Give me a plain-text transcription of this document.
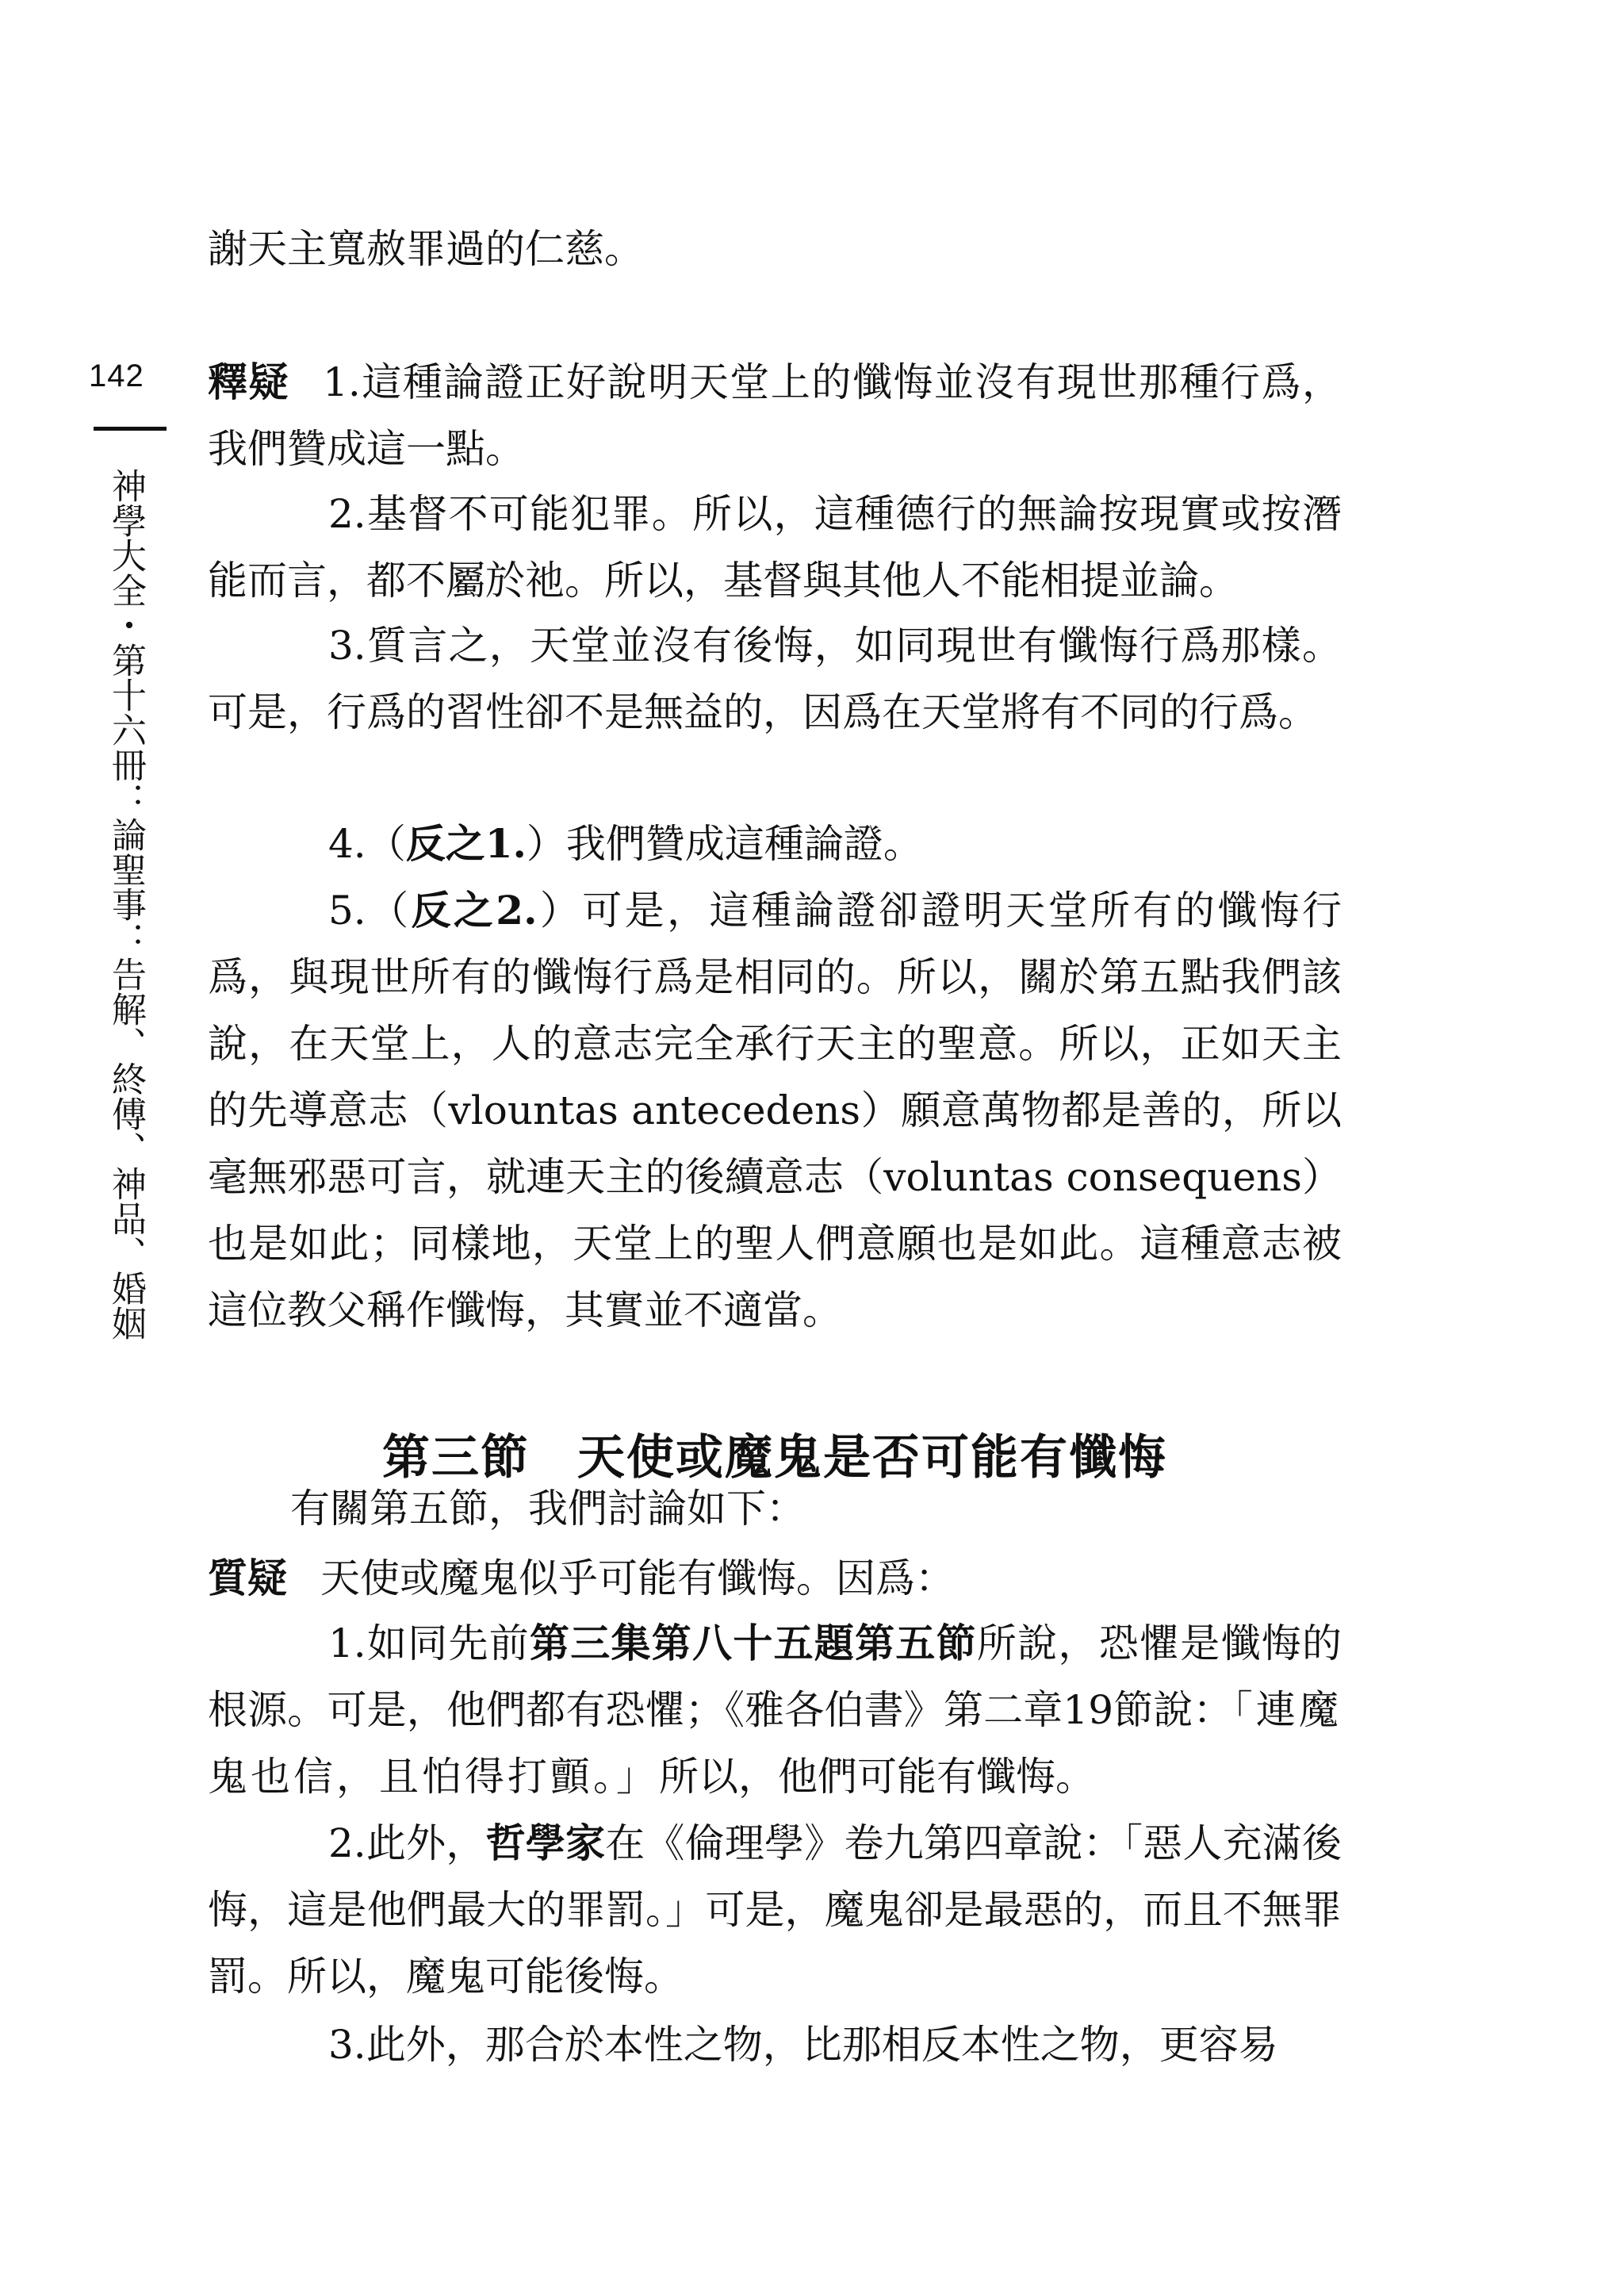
142
神學大全・第十六冊：論聖事：告解、終傅、神品、婚姻
謝天主寬赦罪過的仁慈。
釋疑 1.這種論證正好說明天堂上的懺悔並沒有現世那種行爲，我們贊成這一點。
2.基督不可能犯罪。所以，這種德行的無論按現實或按潛能而言，都不屬於祂。所以，基督與其他人不能相提並論。
3.質言之，天堂並沒有後悔，如同現世有懺悔行爲那樣。可是，行爲的習性卻不是無益的，因爲在天堂將有不同的行爲。
4.（反之1.）我們贊成這種論證。
5.（反之2.）可是，這種論證卻證明天堂所有的懺悔行爲，與現世所有的懺悔行爲是相同的。所以，關於第五點我們該說，在天堂上，人的意志完全承行天主的聖意。所以，正如天主的先導意志（vlountas antecedens）願意萬物都是善的，所以毫無邪惡可言，就連天主的後續意志（voluntas consequens）也是如此；同樣地，天堂上的聖人們意願也是如此。這種意志被這位教父稱作懺悔，其實並不適當。
第三節 天使或魔鬼是否可能有懺悔
有關第五節，我們討論如下：
質疑 天使或魔鬼似乎可能有懺悔。因爲：
1.如同先前第三集第八十五題第五節所說，恐懼是懺悔的根源。可是，他們都有恐懼；《雅各伯書》第二章19節說：「連魔鬼也信，且怕得打顫。」所以，他們可能有懺悔。
2.此外，哲學家在《倫理學》卷九第四章說：「惡人充滿後悔，這是他們最大的罪罰。」可是，魔鬼卻是最惡的，而且不無罪罰。所以，魔鬼可能後悔。
3.此外，那合於本性之物，比那相反本性之物，更容易
